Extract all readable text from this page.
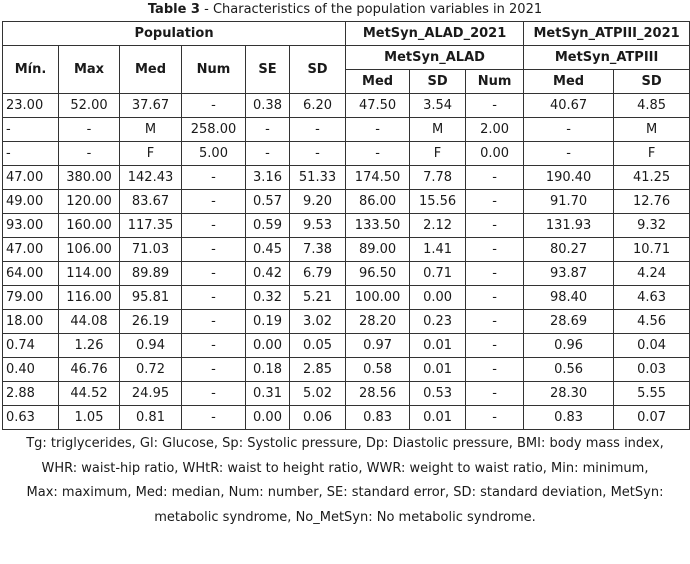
Table 3 - Characteristics of the population variables in 2021
Population						MetSyn_ALAD_2021			MetSyn_ATPIII_2021	
Mín.	Max	Med	Num	SE	SD	MetSyn_ALAD			MetSyn_ATPIII	
						Med	SD	Num	Med	SD
23.00	52.00	37.67	-	0.38	6.20	47.50	3.54	-	40.67	4.85
-	-	M	258.00	-	-	-	M	2.00	-	M
-	-	F	5.00	-	-	-	F	0.00	-	F
47.00	380.00	142.43	-	3.16	51.33	174.50	7.78	-	190.40	41.25
49.00	120.00	83.67	-	0.57	9.20	86.00	15.56	-	91.70	12.76
93.00	160.00	117.35	-	0.59	9.53	133.50	2.12	-	131.93	9.32
47.00	106.00	71.03	-	0.45	7.38	89.00	1.41	-	80.27	10.71
64.00	114.00	89.89	-	0.42	6.79	96.50	0.71	-	93.87	4.24
79.00	116.00	95.81	-	0.32	5.21	100.00	0.00	-	98.40	4.63
18.00	44.08	26.19	-	0.19	3.02	28.20	0.23	-	28.69	4.56
0.74	1.26	0.94	-	0.00	0.05	0.97	0.01	-	0.96	0.04
0.40	46.76	0.72	-	0.18	2.85	0.58	0.01	-	0.56	0.03
2.88	44.52	24.95	-	0.31	5.02	28.56	0.53	-	28.30	5.55
0.63	1.05	0.81	-	0.00	0.06	0.83	0.01	-	0.83	0.07
Tg: triglycerides, Gl: Glucose, Sp: Systolic pressure, Dp: Diastolic pressure, BMI: body mass index, WHR: waist-hip ratio, WHtR: waist to height ratio, WWR: weight to waist ratio, Min: minimum, Max: maximum, Med: median, Num: number, SE: standard error, SD: standard deviation, MetSyn: metabolic syndrome, No_MetSyn: No metabolic syndrome.
